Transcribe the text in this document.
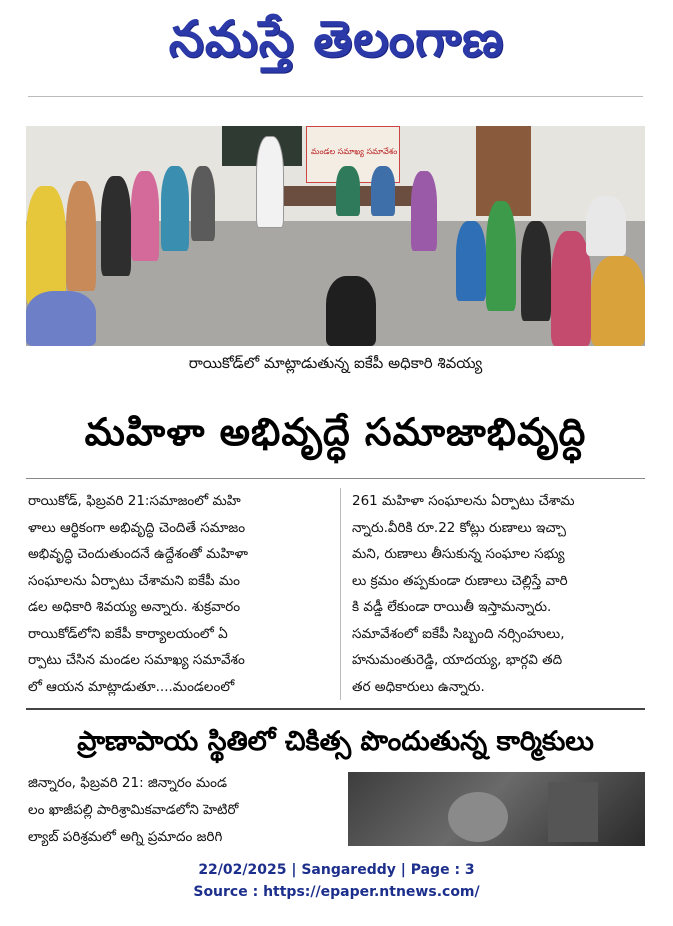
నమస్తే తెలంగాణ
మండల సమాఖ్య సమావేశం
రాయికోడ్‌లో మాట్లాడుతున్న ఐకేపీ అధికారి శివయ్య
మహిళా అభివృద్ధే సమాజాభివృద్ధి
రాయికోడ్, ఫిబ్రవరి 21:సమాజంలో మహి
ళాలు ఆర్థికంగా అభివృద్ధి చెందితే సమాజం
అభివృద్ధి చెందుతుందనే ఉద్దేశంతో మహిళా
సంఘాలను ఏర్పాటు చేశామని ఐకేపీ మం
డల అధికారి శివయ్య అన్నారు. శుక్రవారం
రాయికోడ్‌లోని ఐకేపీ కార్యాలయంలో ఏ
ర్పాటు చేసిన మండల సమాఖ్య సమావేశం
లో ఆయన మాట్లాడుతూ....మండలంలో
261 మహిళా సంఘాలను ఏర్పాటు చేశామ
న్నారు.వీరికి రూ.22 కోట్లు రుణాలు ఇచ్చా
మని, రుణాలు తీసుకున్న సంఘాల సభ్యు
లు క్రమం తప్పకుండా రుణాలు చెల్లిస్తే వారి
కి వడ్డీ లేకుండా రాయితీ ఇస్తామన్నారు.
సమావేశంలో ఐకేపీ సిబ్బంది నర్సింహులు,
హనుమంతురెడ్డి, యాదయ్య, భార్గవి తది
తర అధికారులు ఉన్నారు.
ప్రాణాపాయ స్థితిలో చికిత్స పొందుతున్న కార్మికులు
జిన్నారం, ఫిబ్రవరి 21: జిన్నారం మండ
లం ఖాజీపల్లి పారిశ్రామికవాడలోని హెటిరో
ల్యాబ్ పరిశ్రమలో అగ్ని ప్రమాదం జరిగి
22/02/2025 | Sangareddy | Page : 3
Source : https://epaper.ntnews.com/
